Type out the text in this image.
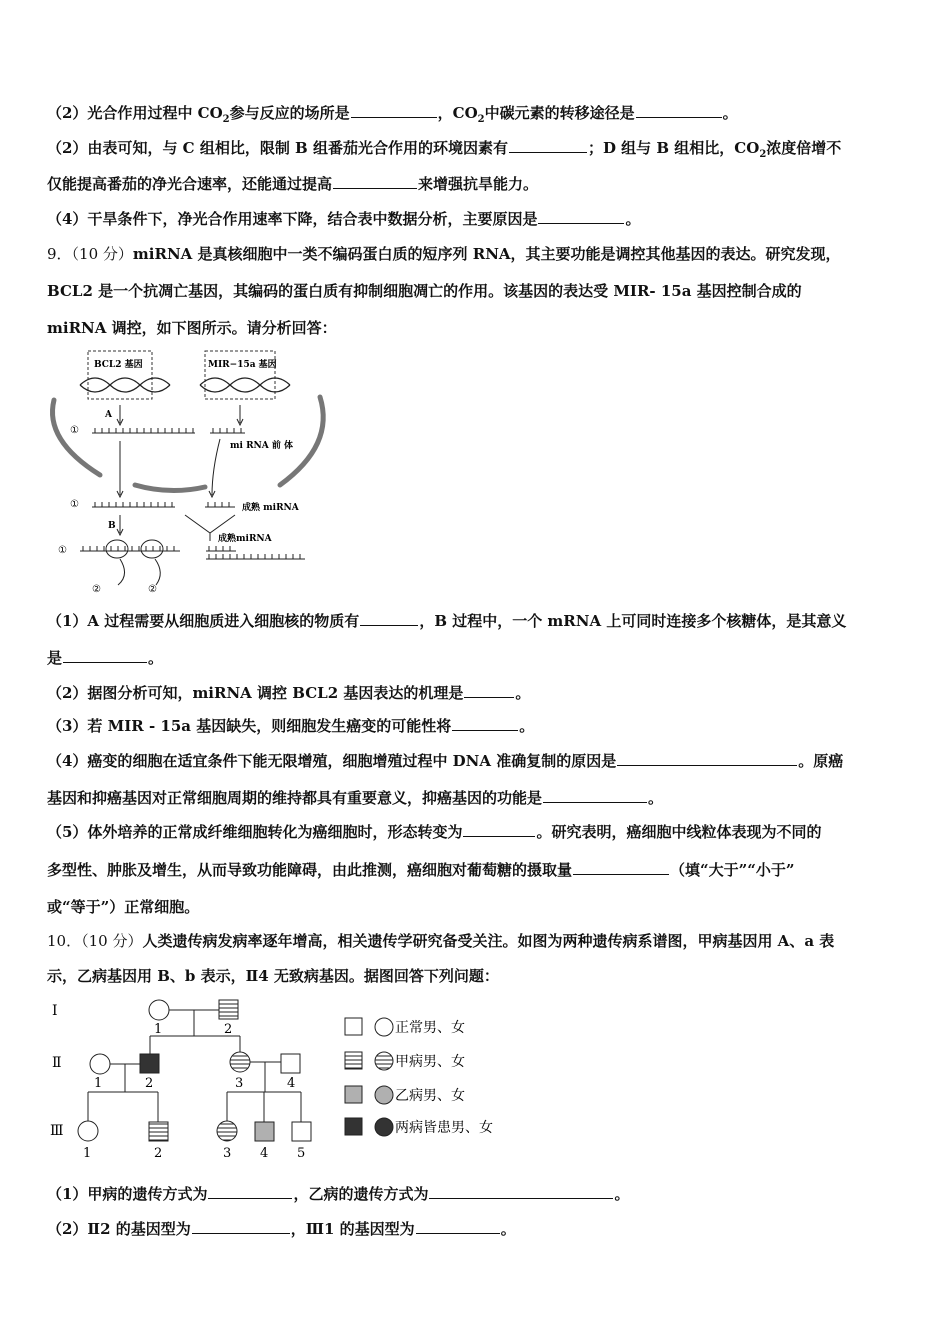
（2）光合作用过程中 $CO_2$参与反应的场所是	，$CO_2$中碳元素的转移途径是	。
（2）由表可知，与 C 组相比，限制 B 组番茄光合作用的环境因素有	；D 组与 B 组相比，$CO_2$浓度倍增不
仅能提高番茄的净光合速率，还能通过提高	来增强抗旱能力。
（4）干旱条件下，净光合作用速率下降，结合表中数据分析，主要原因是	。
9．（10 分）miRNA 是真核细胞中一类不编码蛋白质的短序列 RNA，其主要功能是调控其他基因的表达。研究发现，
BCL2 是一个抗凋亡基因，其编码的蛋白质有抑制细胞凋亡的作用。该基因的表达受 MIR- 15a 基因控制合成的
miRNA 调控，如下图所示。请分析回答：
BCL2 基因	MIR−15a 基因
A
①
mi RNA 前 体
①	成熟 miRNA
B
①
②	②
成熟miRNA
（1）A 过程需要从细胞质进入细胞核的物质有	，B 过程中，一个 mRNA 上可同时连接多个核糖体，是其意义
是	。
（2）据图分析可知，miRNA 调控 BCL2 基因表达的机理是	。
（3）若 MIR - 15a 基因缺失，则细胞发生癌变的可能性将	。
（4）癌变的细胞在适宜条件下能无限增殖，细胞增殖过程中 DNA 准确复制的原因是	。原癌
基因和抑癌基因对正常细胞周期的维持都具有重要意义，抑癌基因的功能是	。
（5）体外培养的正常成纤维细胞转化为癌细胞时，形态转变为	。研究表明，癌细胞中线粒体表现为不同的
多型性、肿胀及增生，从而导致功能障碍，由此推测，癌细胞对葡萄糖的摄取量	（填“大于”“小于”
或“等于”）正常细胞。
10．（10 分）人类遗传病发病率逐年增高，相关遗传学研究备受关注。如图为两种遗传病系谱图，甲病基因用 A、a 表
示，乙病基因用 B、b 表示，Ⅱ4 无致病基因。据图回答下列问题：
Ⅰ
Ⅱ
Ⅲ
1	2
1	2	3	4
1	2	3 4 5
正常男、女
甲病男、女
乙病男、女
两病皆患男、女
（1）甲病的遗传方式为	，乙病的遗传方式为	。
（2）Ⅱ2 的基因型为	，Ⅲ1 的基因型为	。
